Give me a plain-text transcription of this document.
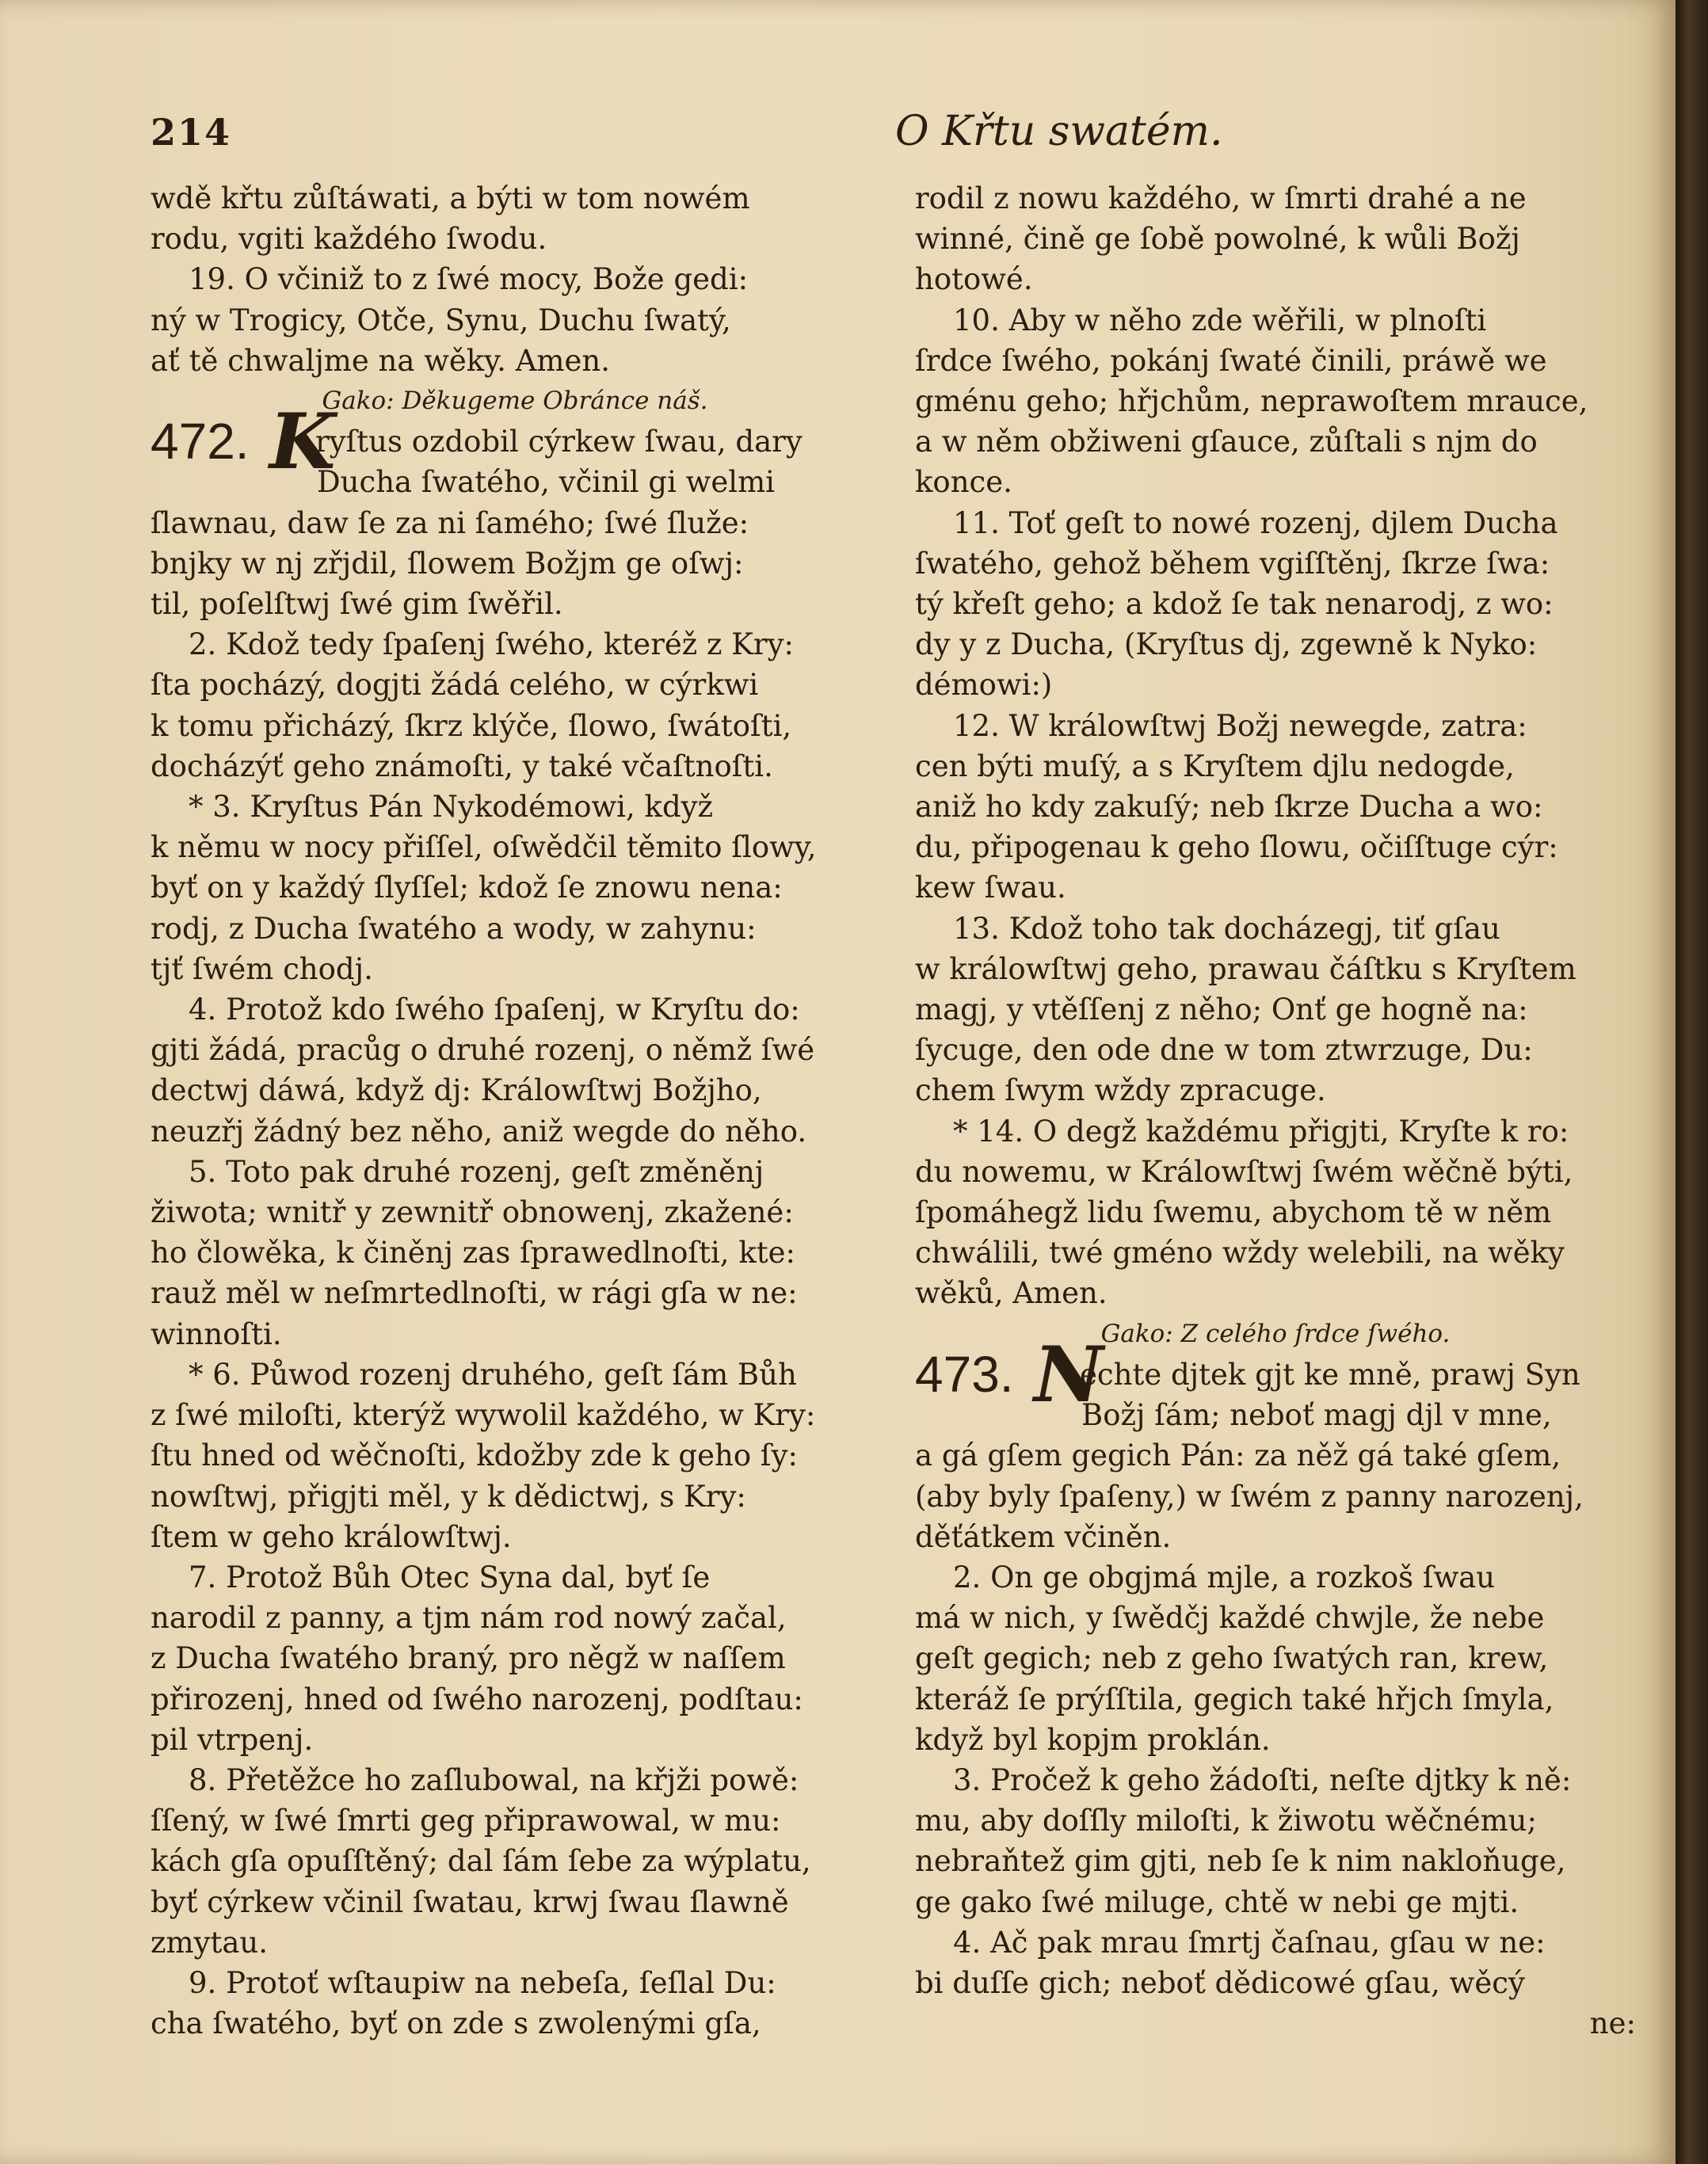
214	O Křtu swatém.

wdě křtu zůſtáwati, a býti w tom nowém

rodu, vgiti každého ſwodu.

19. O včiniž to z ſwé mocy, Bože gedi:

ný w Trogicy, Otče, Synu, Duchu ſwatý,

ať tě chwaljme na wěky. Amen.

Gako: Děkugeme Obránce náš.

472. Kryſtus ozdobil cýrkew ſwau, dary

Ducha ſwatého, včinil gi welmi

ſlawnau, daw ſe za ni ſamého; ſwé ſluže:

bnjky w nj zřjdil, ſlowem Božjm ge oſwj:

til, poſelſtwj ſwé gim ſwěřil.

2. Kdož tedy ſpaſenj ſwého, kteréž z Kry:

ſta pocházý, dogjti žádá celého, w cýrkwi

k tomu přicházý, ſkrz klýče, ſlowo, ſwátoſti,

docházýť geho známoſti, y také včaſtnoſti.

* 3. Kryſtus Pán Nykodémowi, když

k němu w nocy přiſſel, oſwědčil těmito ſlowy,

byť on y každý ſlyſſel; kdož ſe znowu nena:

rodj, z Ducha ſwatého a wody, w zahynu:

tjť ſwém chodj.

4. Protož kdo ſwého ſpaſenj, w Kryſtu do:

gjti žádá, pracůg o druhé rozenj, o němž ſwé

dectwj dáwá, když dj: Králowſtwj Božjho,

neuzřj žádný bez něho, aniž wegde do něho.

5. Toto pak druhé rozenj, geſt změněnj

žiwota; wnitř y zewnitř obnowenj, zkažené:

ho člowěka, k činěnj zas ſprawedlnoſti, kte:

rauž měl w neſmrtedlnoſti, w rági gſa w ne:

winnoſti.

* 6. Půwod rozenj druhého, geſt ſám Bůh

z ſwé miloſti, kterýž wywolil každého, w Kry:

ſtu hned od wěčnoſti, kdožby zde k geho ſy:

nowſtwj, přigjti měl, y k dědictwj, s Kry:

ſtem w geho králowſtwj.

7. Protož Bůh Otec Syna dal, byť ſe

narodil z panny, a tjm nám rod nowý začal,

z Ducha ſwatého braný, pro něgž w naſſem

přirozenj, hned od ſwého narozenj, podſtau:

pil vtrpenj.

8. Přetěžce ho zaſlubowal, na křjži powě:

ſſený, w ſwé ſmrti geg připrawowal, w mu:

kách gſa opuſſtěný; dal ſám ſebe za wýplatu,

byť cýrkew včinil ſwatau, krwj ſwau ſlawně

zmytau.

9. Protoť wſtaupiw na nebeſa, ſeſlal Du:

cha ſwatého, byť on zde s zwolenými gſa,

rodil z nowu každého, w ſmrti drahé a ne

winné, čině ge ſobě powolné, k wůli Božj

hotowé.

10. Aby w něho zde wěřili, w plnoſti

ſrdce ſwého, pokánj ſwaté činili, práwě we

gménu geho; hřjchům, neprawoſtem mrauce,

a w něm obžiweni gſauce, zůſtali s njm do

konce.

11. Toť geſt to nowé rozenj, djlem Ducha

ſwatého, gehož během vgiſſtěnj, ſkrze ſwa:

tý křeſt geho; a kdož ſe tak nenarodj, z wo:

dy y z Ducha, (Kryſtus dj, zgewně k Nyko:

démowi:)

12. W králowſtwj Božj newegde, zatra:

cen býti muſý, a s Kryſtem djlu nedogde,

aniž ho kdy zakuſý; neb ſkrze Ducha a wo:

du, připogenau k geho ſlowu, očiſſtuge cýr:

kew ſwau.

13. Kdož toho tak docházegj, tiť gſau

w králowſtwj geho, prawau čáſtku s Kryſtem

magj, y vtěſſenj z něho; Onť ge hogně na:

ſycuge, den ode dne w tom ztwrzuge, Du:

chem ſwym wždy zpracuge.

* 14. O degž každému přigjti, Kryſte k ro:

du nowemu, w Králowſtwj ſwém wěčně býti,

ſpomáhegž lidu ſwemu, abychom tě w něm

chwálili, twé gméno wždy welebili, na wěky

wěků, Amen.

Gako: Z celého ſrdce ſwého.

473. Nechte djtek gjt ke mně, prawj Syn

Božj ſám; neboť magj djl v mne,

a gá gſem gegich Pán: za něž gá také gſem,

(aby byly ſpaſeny,) w ſwém z panny narozenj,

děťátkem včiněn.

2. On ge obgjmá mjle, a rozkoš ſwau

má w nich, y ſwědčj každé chwjle, že nebe

geſt gegich; neb z geho ſwatých ran, krew,

kteráž ſe prýſſtila, gegich také hřjch ſmyla,

když byl kopjm proklán.

3. Pročež k geho žádoſti, neſte djtky k ně:

mu, aby doſſly miloſti, k žiwotu wěčnému;

nebraňtež gim gjti, neb ſe k nim nakloňuge,

ge gako ſwé miluge, chtě w nebi ge mjti.

4. Ač pak mrau ſmrtj čaſnau, gſau w ne:

bi duſſe gich; neboť dědicowé gſau, wěcý

ne:
